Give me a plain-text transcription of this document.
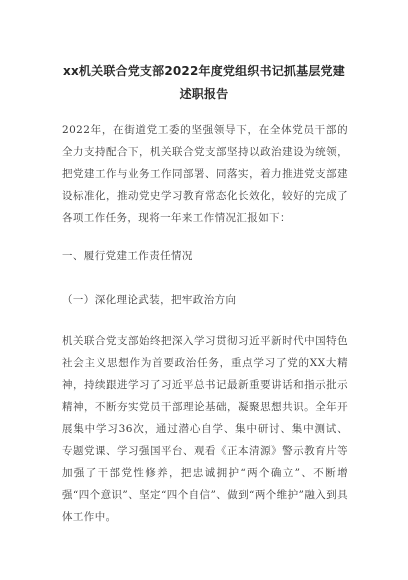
xx机关联合党支部2022年度党组织书记抓基层党建述职报告

2022年，在街道党工委的坚强领导下，在全体党员干部的全力支持配合下，机关联合党支部坚持以政治建设为统领，把党建工作与业务工作同部署、同落实，着力推进党支部建设标准化，推动党史学习教育常态化长效化，较好的完成了各项工作任务，现将一年来工作情况汇报如下：

一、履行党建工作责任情况

（一）深化理论武装，把牢政治方向

机关联合党支部始终把深入学习贯彻习近平新时代中国特色社会主义思想作为首要政治任务，重点学习了党的XX大精神，持续跟进学习了习近平总书记最新重要讲话和指示批示精神，不断夯实党员干部理论基础，凝聚思想共识。全年开展集中学习36次，通过潜心自学、集中研讨、集中测试、专题党课、学习强国平台、观看《正本清源》警示教育片等加强了干部党性修养，把忠诚拥护“两个确立”、不断增强“四个意识”、坚定“四个自信”、做到“两个维护”融入到具体工作中。
